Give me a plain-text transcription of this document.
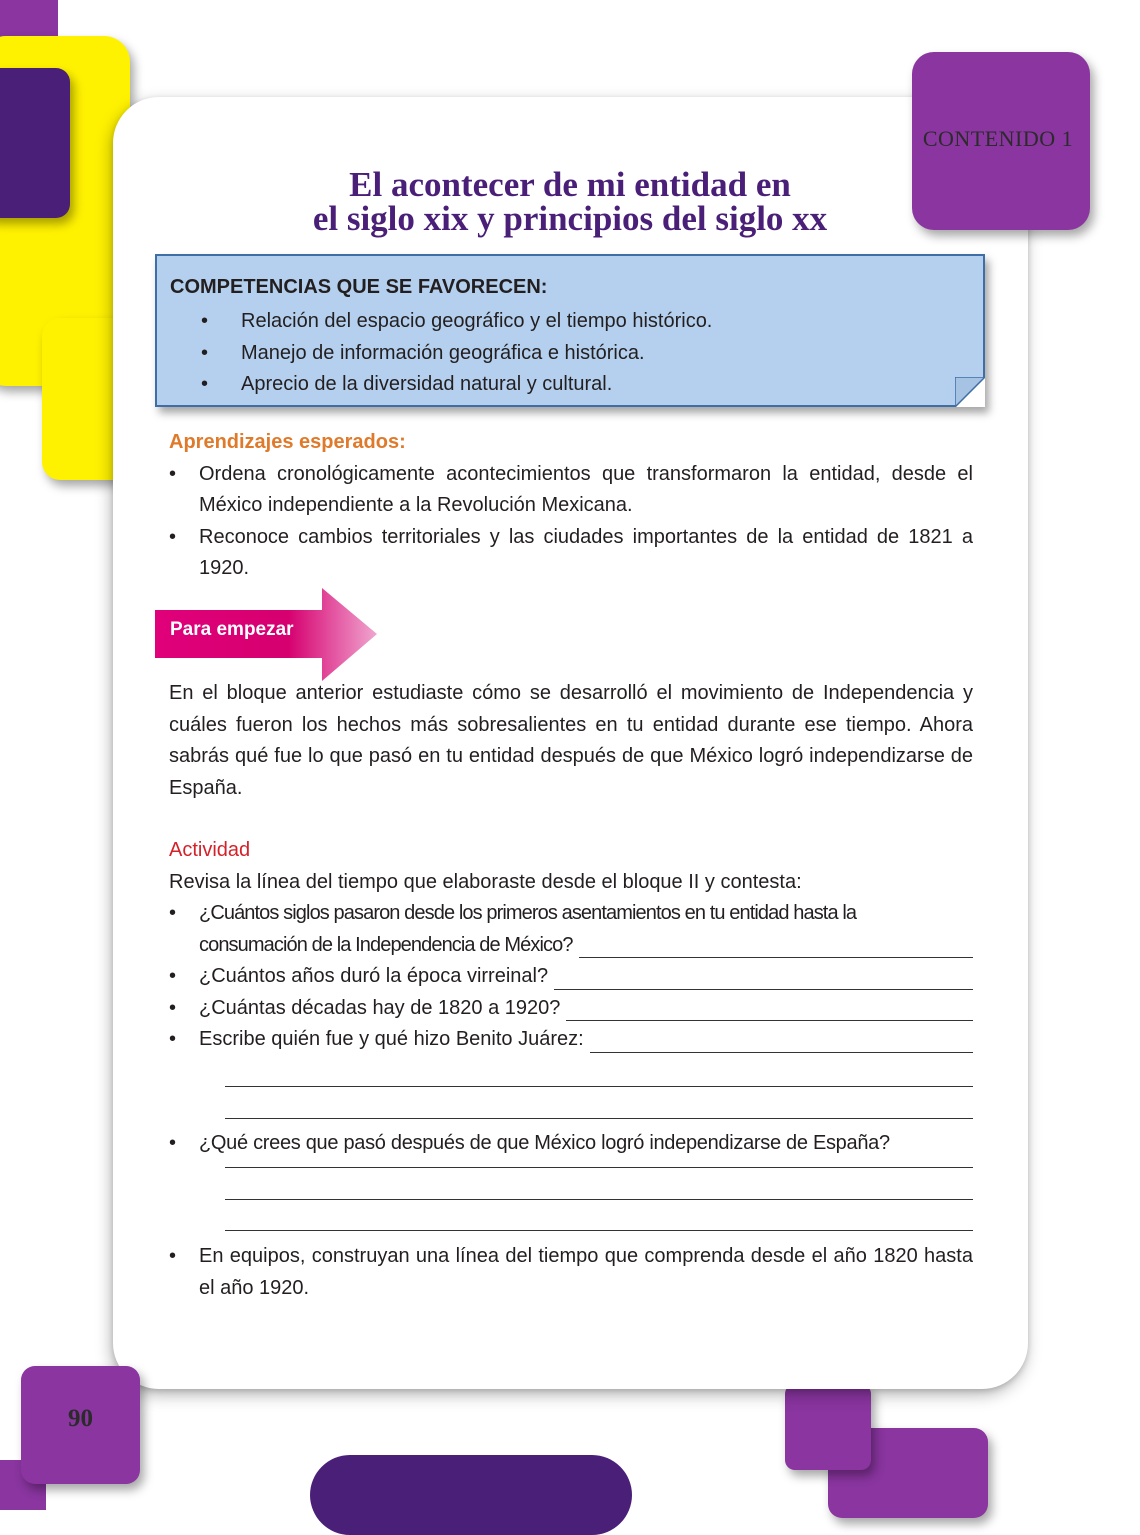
CONTENIDO 1
El acontecer de mi entidad en
el siglo xix y principios del siglo xx
COMPETENCIAS QUE SE FAVORECEN:
• Relación del espacio geográfico y el tiempo histórico.
• Manejo de información geográfica e histórica.
• Aprecio de la diversidad natural y cultural.
Aprendizajes esperados:
• Ordena cronológicamente acontecimientos que transformaron la entidad, desde el México independiente a la Revolución Mexicana.
• Reconoce cambios territoriales y las ciudades importantes de la entidad de 1821 a 1920.
Para empezar
En el bloque anterior estudiaste cómo se desarrolló el movimiento de Independencia y cuáles fueron los hechos más sobresalientes en tu entidad durante ese tiempo. Ahora sabrás qué fue lo que pasó en tu entidad después de que México logró independizarse de España.
Actividad
Revisa la línea del tiempo que elaboraste desde el bloque II y contesta:
• ¿Cuántos siglos pasaron desde los primeros asentamientos en tu entidad hasta la
consumación de la Independencia de México?
• ¿Cuántos años duró la época virreinal?
• ¿Cuántas décadas hay de 1820 a 1920?
• Escribe quién fue y qué hizo Benito Juárez:
• ¿Qué crees que pasó después de que México logró independizarse de España?
• En equipos, construyan una línea del tiempo que comprenda desde el año 1820 hasta el año 1920.
90
